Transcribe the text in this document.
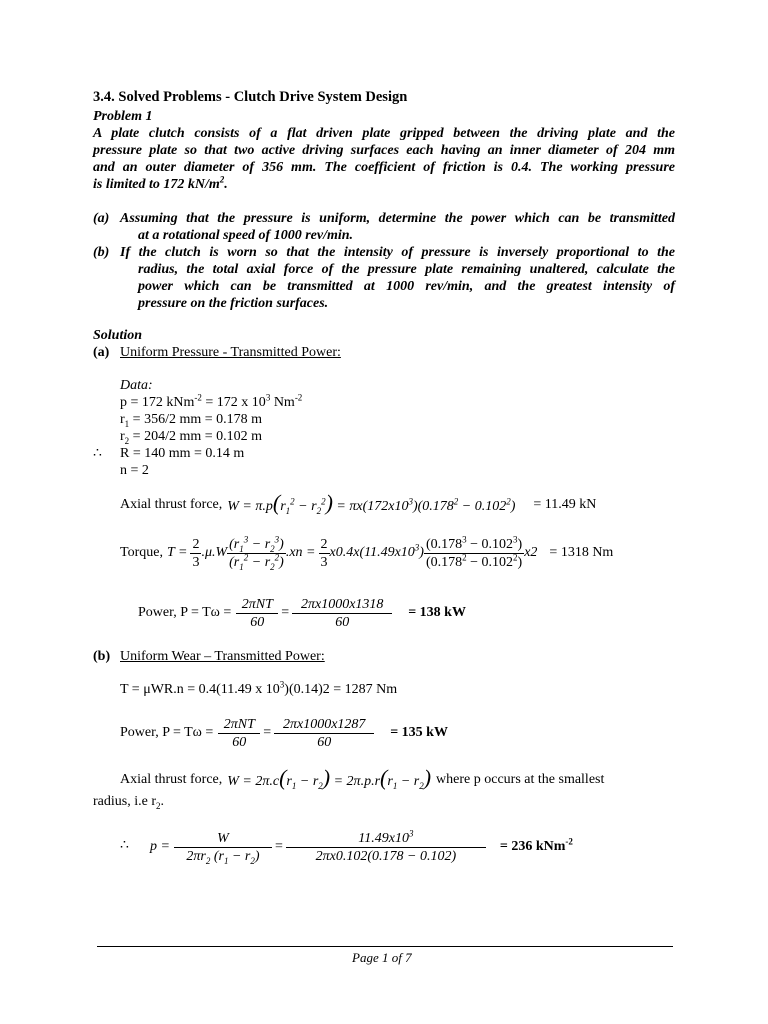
3.4. Solved Problems - Clutch Drive System Design
Problem 1
A plate clutch consists of a flat driven plate gripped between the driving plate and the
pressure plate so that two active driving surfaces each having an inner diameter of 204 mm
and an outer diameter of 356 mm. The coefficient of friction is 0.4. The working pressure
is limited to 172 $kN/m^2$.
(a) Assuming that the pressure is uniform, determine the power which can be transmitted
at a rotational speed of 1000 rev/min.
(b) If the clutch is worn so that the intensity of pressure is inversely proportional to the
radius, the total axial force of the pressure plate remaining unaltered, calculate the
power which can be transmitted at 1000 rev/min, and the greatest intensity of
pressure on the friction surfaces.
Solution
(a) Uniform Pressure - Transmitted Power:
Data:
p = 172 kNm$^{-2}$ = 172 x $10^3$ $Nm^{-2}$
$r_1 = 356/2$ mm = 0.178 m
$r_2 = 204/2$ mm = 0.102 m
∴ R = 140 mm = 0.14 m
n = 2
Axial thrust force, $W = \pi.p(r_1^2 - r_2^2) = \pi x(172x10^3)(0.178^2 - 0.102^2) = 11.49$ kN
Torque, $T = \frac{2}{3} .\mu.W \frac{(r_1^3 - r_2^3)}{(r_1^2 - r_2^2)} .xn = \frac{2}{3} x0.4x(11.49x10^3) \frac{(0.178^3 - 0.102^3)}{(0.178^2 - 0.102^2)} x2 = 1318$ Nm
Power, $P = T\omega = \frac{\text{2πNT}}{60} = \frac{2\pi x1000x1318}{60} = 138$ kW
(b) Uniform Wear – Transmitted Power:
T = μWR.n = 0.4(11.49 x $10^3)(0.14)2 = 1287$ Nm
Power, $P = T\omega = \frac{\text{2πNT}}{60} = \frac{2\pi x1000x1287}{60} = 135$ kW
Axial thrust force, $W = 2\pi.c(r_1 - r_2) = 2\pi.p.r(r_1 - r_2)$ where p occurs at the smallest
radius, i.e $r_2$.
∴ $p = \frac{W}{2\pi r_2 (r_1 - r_2)} = \frac{11.49x10^3}{2\pi x0.102(0.178 - 0.102)} = 236$ kNm$^{-2}$
Page 1 of 7
